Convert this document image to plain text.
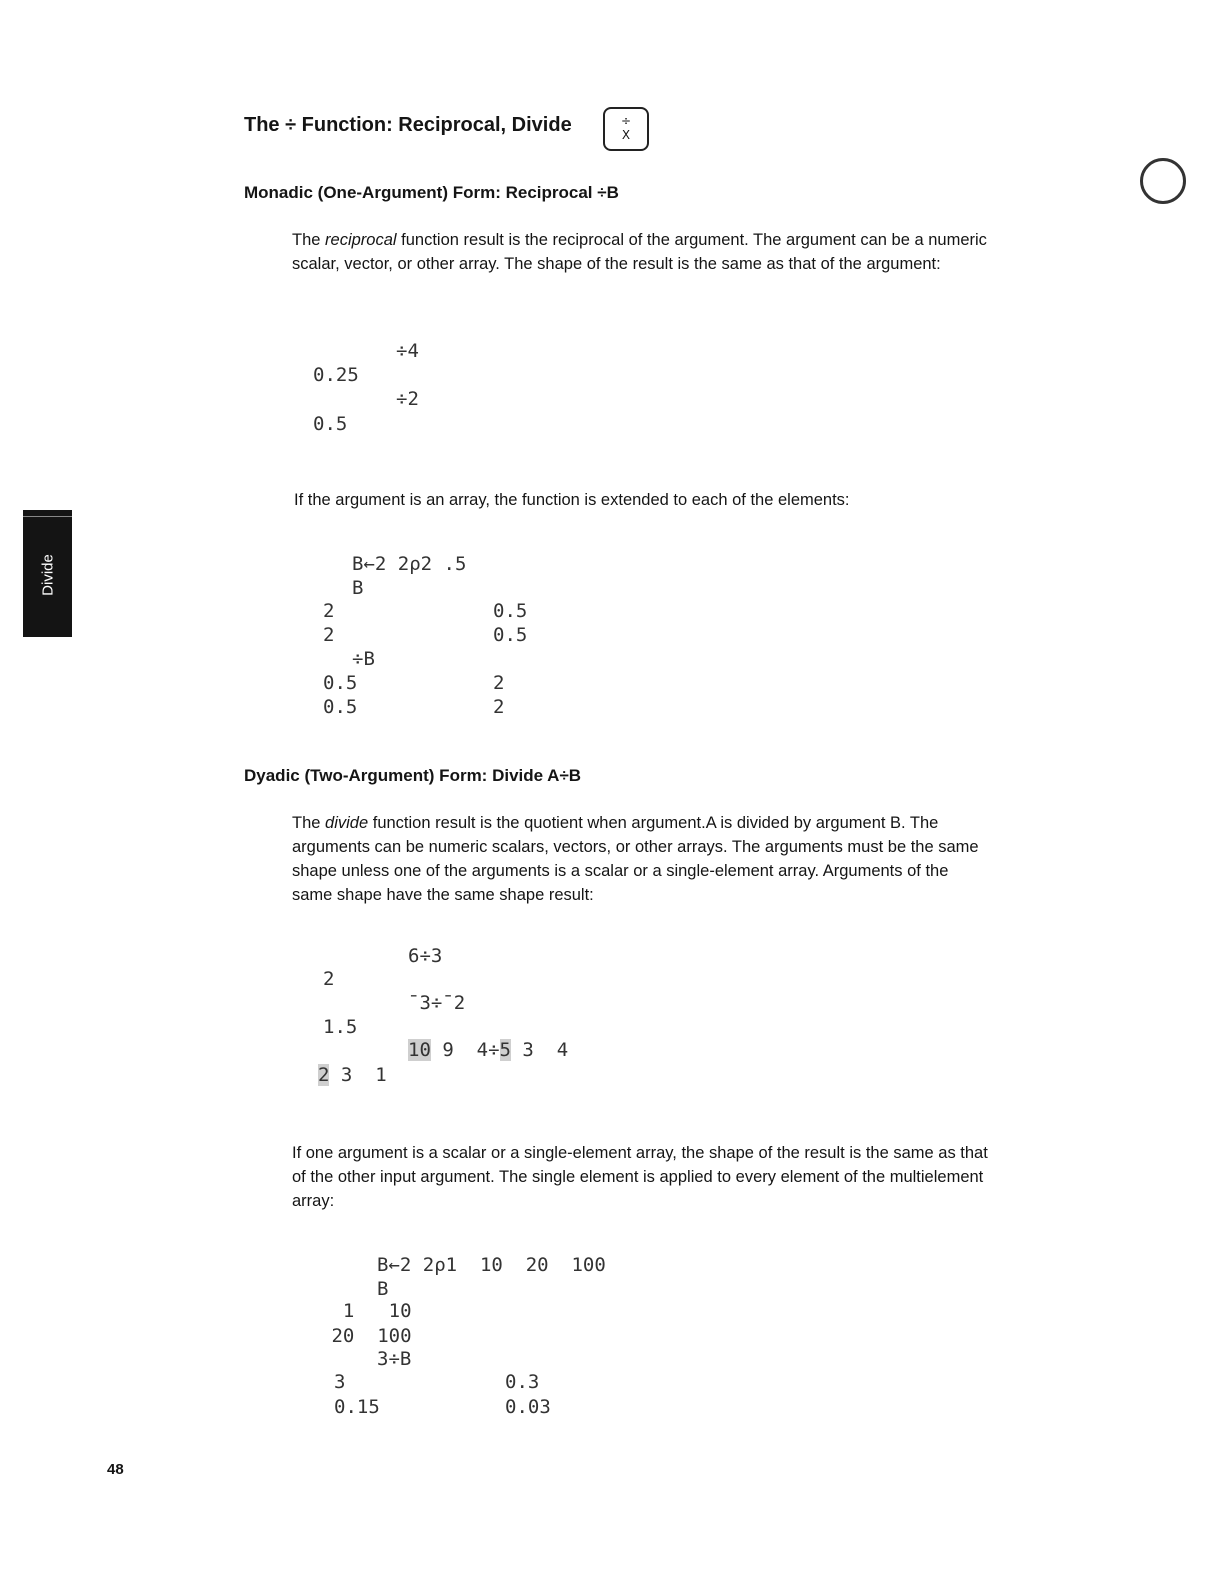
The ÷ Function: Reciprocal, Divide	÷
X
Divide
Monadic (One-Argument) Form: Reciprocal ÷B

The reciprocal function result is the reciprocal of the argument. The argument can be a numeric scalar, vector, or other array. The shape of the result is the same as that of the argument:

÷4
0.25
÷2
0.5
If the argument is an array, the function is extended to each of the elements:
B←2 2ρ2 .5
B
2	0.5
2	0.5
÷B
0.5	2
0.5	2
Dyadic (Two-Argument) Form: Divide A÷B

The divide function result is the quotient when argument.A is divided by argument B. The arguments can be numeric scalars, vectors, or other arrays. The arguments must be the same shape unless one of the arguments is a scalar or a single-element array. Arguments of the same shape have the same shape result:

6÷3
2
¯3÷¯2
1.5
10 9  4÷5 3  4
2 3  1
If one argument is a scalar or a single-element array, the shape of the result is the same as that of the other input argument. The single element is applied to every element of the multielement array:
B←2 2ρ1  10  20  100
B
1   10
20  100
3÷B
3	0.3
0.15	0.03
48
